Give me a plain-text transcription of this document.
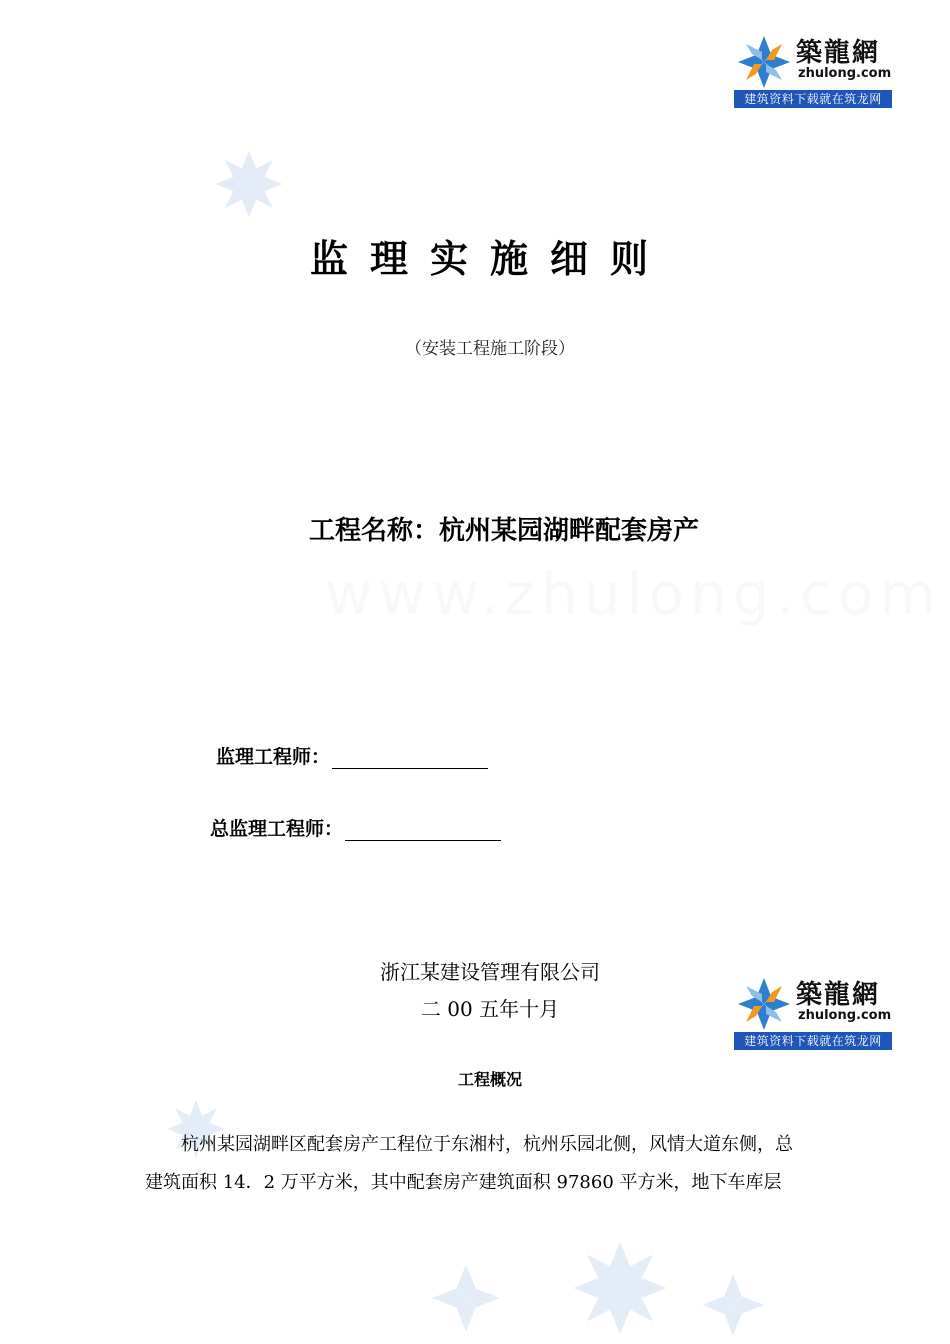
築龍網
zhulong.com
建筑资料下载就在筑龙网
监理实施细则
（安装工程施工阶段）
工程名称：杭州某园湖畔配套房产
监理工程师：
总监理工程师：
浙江某建设管理有限公司
二 00 五年十月	築龍網
zhulong.com
建筑资料下载就在筑龙网
工程概况

杭州某园湖畔区配套房产工程位于东湘村，杭州乐园北侧，风情大道东侧，总

建筑面积 14．2 万平方米，其中配套房产建筑面积 97860 平方米，地下车库层
